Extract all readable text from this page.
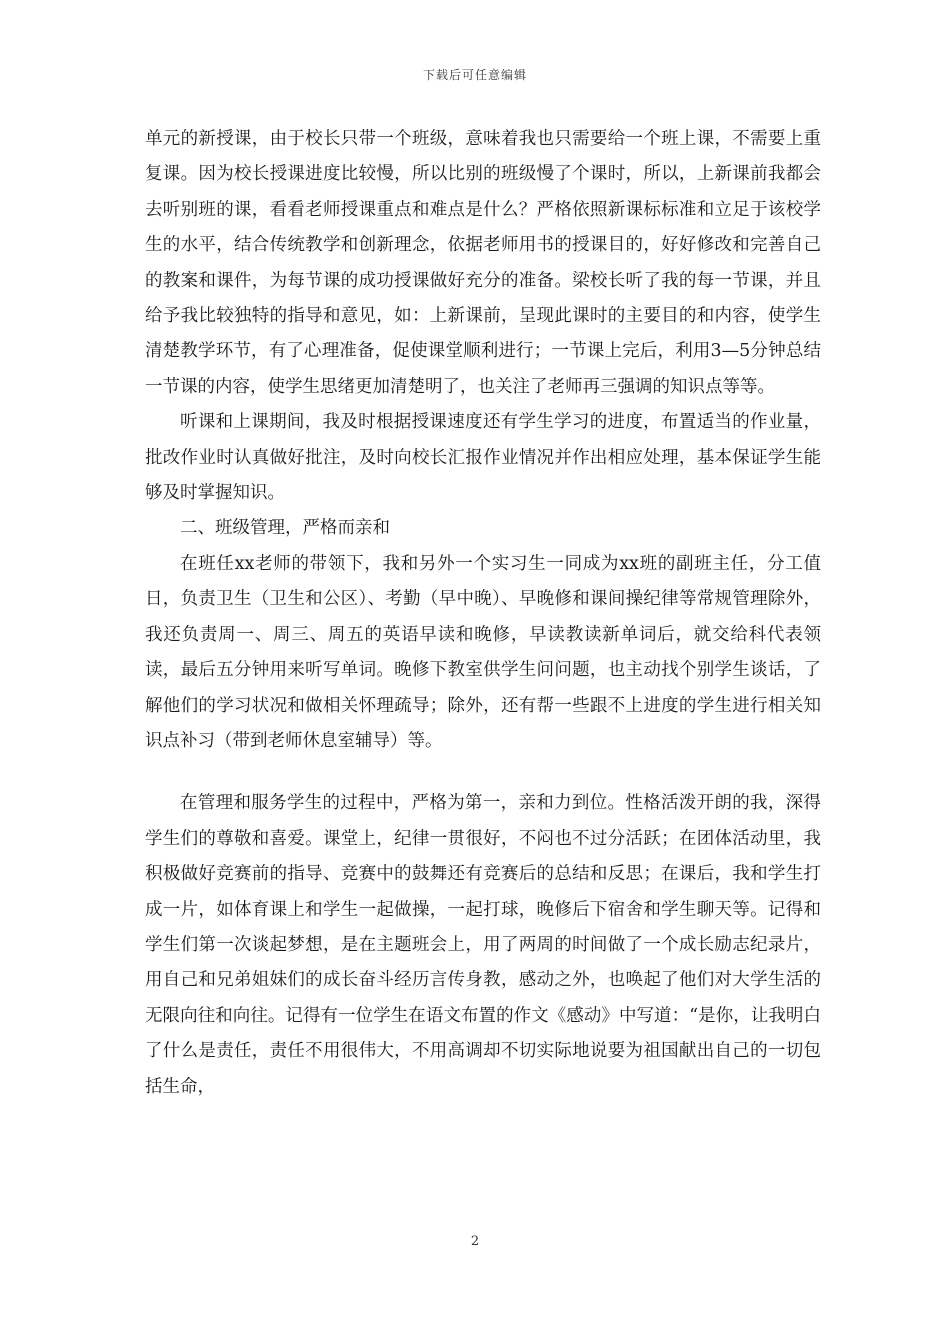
下载后可任意编辑

单元的新授课，由于校长只带一个班级，意味着我也只需要给一个班上课，不需要上重复课。因为校长授课进度比较慢，所以比别的班级慢了个课时，所以，上新课前我都会去听别班的课，看看老师授课重点和难点是什么？严格依照新课标标准和立足于该校学生的水平，结合传统教学和创新理念，依据老师用书的授课目的，好好修改和完善自己的教案和课件，为每节课的成功授课做好充分的准备。梁校长听了我的每一节课，并且给予我比较独特的指导和意见，如：上新课前，呈现此课时的主要目的和内容，使学生清楚教学环节，有了心理准备，促使课堂顺利进行；一节课上完后，利用3—5分钟总结一节课的内容，使学生思绪更加清楚明了，也关注了老师再三强调的知识点等等。

听课和上课期间，我及时根据授课速度还有学生学习的进度，布置适当的作业量，批改作业时认真做好批注，及时向校长汇报作业情况并作出相应处理，基本保证学生能够及时掌握知识。

二、班级管理，严格而亲和

在班任xx老师的带领下，我和另外一个实习生一同成为xx班的副班主任，分工值日，负责卫生（卫生和公区）、考勤（早中晚）、早晚修和课间操纪律等常规管理除外，我还负责周一、周三、周五的英语早读和晚修，早读教读新单词后，就交给科代表领读，最后五分钟用来听写单词。晚修下教室供学生问问题，也主动找个别学生谈话，了解他们的学习状况和做相关怀理疏导；除外，还有帮一些跟不上进度的学生进行相关知识点补习（带到老师休息室辅导）等。

在管理和服务学生的过程中，严格为第一，亲和力到位。性格活泼开朗的我，深得学生们的尊敬和喜爱。课堂上，纪律一贯很好，不闷也不过分活跃；在团体活动里，我积极做好竞赛前的指导、竞赛中的鼓舞还有竞赛后的总结和反思；在课后，我和学生打成一片，如体育课上和学生一起做操，一起打球，晚修后下宿舍和学生聊天等。记得和学生们第一次谈起梦想，是在主题班会上，用了两周的时间做了一个成长励志纪录片，用自己和兄弟姐妹们的成长奋斗经历言传身教，感动之外，也唤起了他们对大学生活的无限向往和向往。记得有一位学生在语文布置的作文《感动》中写道：“是你，让我明白了什么是责任，责任不用很伟大，不用高调却不切实际地说要为祖国献出自己的一切包括生命，

2
